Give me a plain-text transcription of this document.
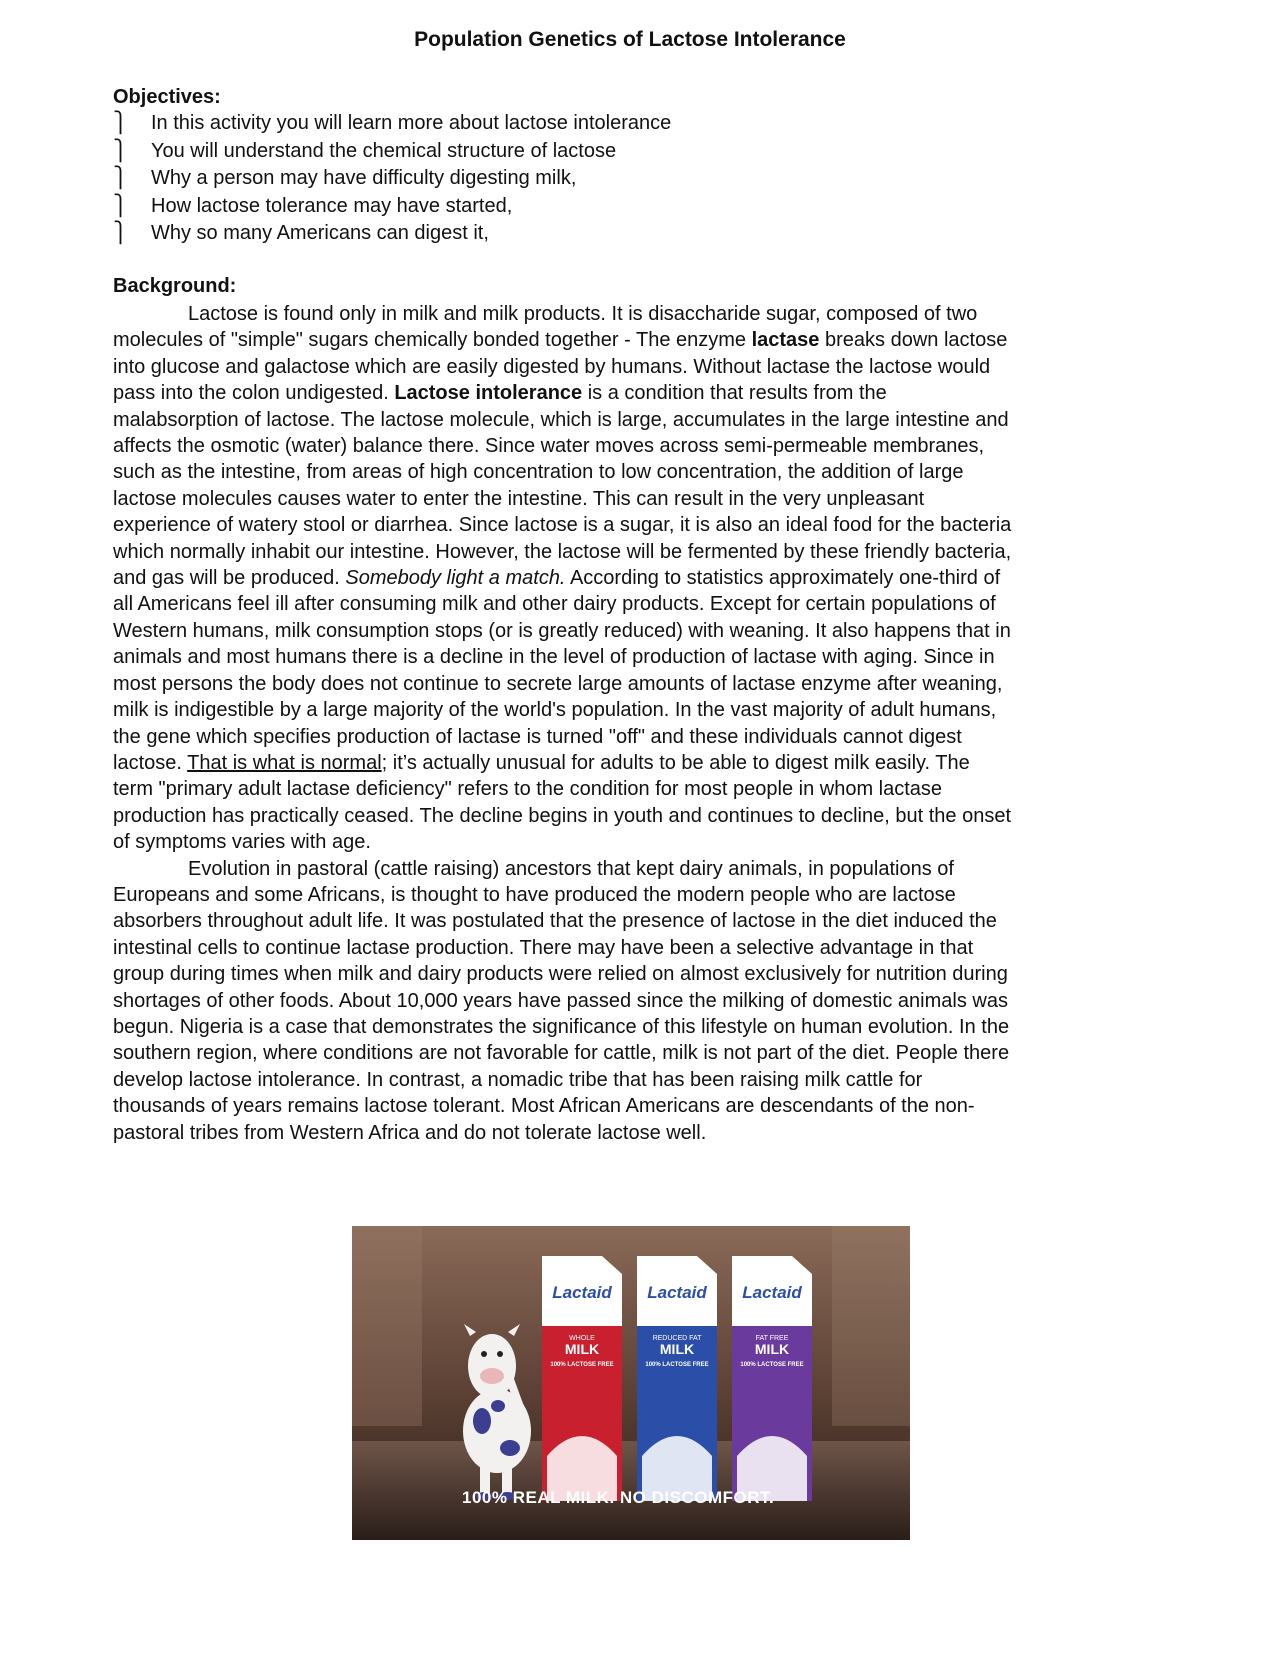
Population Genetics of Lactose Intolerance
Objectives:
⎫ In this activity you will learn more about lactose intolerance
⎫ You will understand the chemical structure of lactose
⎫ Why a person may have difficulty digesting milk,
⎫ How lactose tolerance may have started,
⎫ Why so many Americans can digest it,
Background:

Lactose is found only in milk and milk products. It is disaccharide sugar, composed of two
molecules of "simple" sugars chemically bonded together - The enzyme lactase breaks down lactose
into glucose and galactose which are easily digested by humans. Without lactase the lactose would
pass into the colon undigested. Lactose intolerance is a condition that results from the
malabsorption of lactose. The lactose molecule, which is large, accumulates in the large intestine and
affects the osmotic (water) balance there. Since water moves across semi-permeable membranes,
such as the intestine, from areas of high concentration to low concentration, the addition of large
lactose molecules causes water to enter the intestine. This can result in the very unpleasant
experience of watery stool or diarrhea. Since lactose is a sugar, it is also an ideal food for the bacteria
which normally inhabit our intestine. However, the lactose will be fermented by these friendly bacteria,
and gas will be produced. Somebody light a match. According to statistics approximately one-third of
all Americans feel ill after consuming milk and other dairy products. Except for certain populations of
Western humans, milk consumption stops (or is greatly reduced) with weaning. It also happens that in
animals and most humans there is a decline in the level of production of lactase with aging. Since in
most persons the body does not continue to secrete large amounts of lactase enzyme after weaning,
milk is indigestible by a large majority of the world's population. In the vast majority of adult humans,
the gene which specifies production of lactase is turned "off" and these individuals cannot digest
lactose. That is what is normal; it’s actually unusual for adults to be able to digest milk easily. The
term "primary adult lactase deficiency" refers to the condition for most people in whom lactase
production has practically ceased. The decline begins in youth and continues to decline, but the onset
of symptoms varies with age.

Evolution in pastoral (cattle raising) ancestors that kept dairy animals, in populations of
Europeans and some Africans, is thought to have produced the modern people who are lactose
absorbers throughout adult life. It was postulated that the presence of lactose in the diet induced the
intestinal cells to continue lactase production. There may have been a selective advantage in that
group during times when milk and dairy products were relied on almost exclusively for nutrition during
shortages of other foods. About 10,000 years have passed since the milking of domestic animals was
begun. Nigeria is a case that demonstrates the significance of this lifestyle on human evolution. In the
southern region, where conditions are not favorable for cattle, milk is not part of the diet. People there
develop lactose intolerance. In contrast, a nomadic tribe that has been raising milk cattle for
thousands of years remains lactose tolerant. Most African Americans are descendants of the non-
pastoral tribes from Western Africa and do not tolerate lactose well.

Lactaid
WHOLE
MILK
100% LACTOSE FREE
Lactaid
REDUCED FAT
MILK
100% LACTOSE FREE
Lactaid
FAT FREE
MILK
100% LACTOSE FREE
100% REAL MILK. NO DISCOMFORT.
